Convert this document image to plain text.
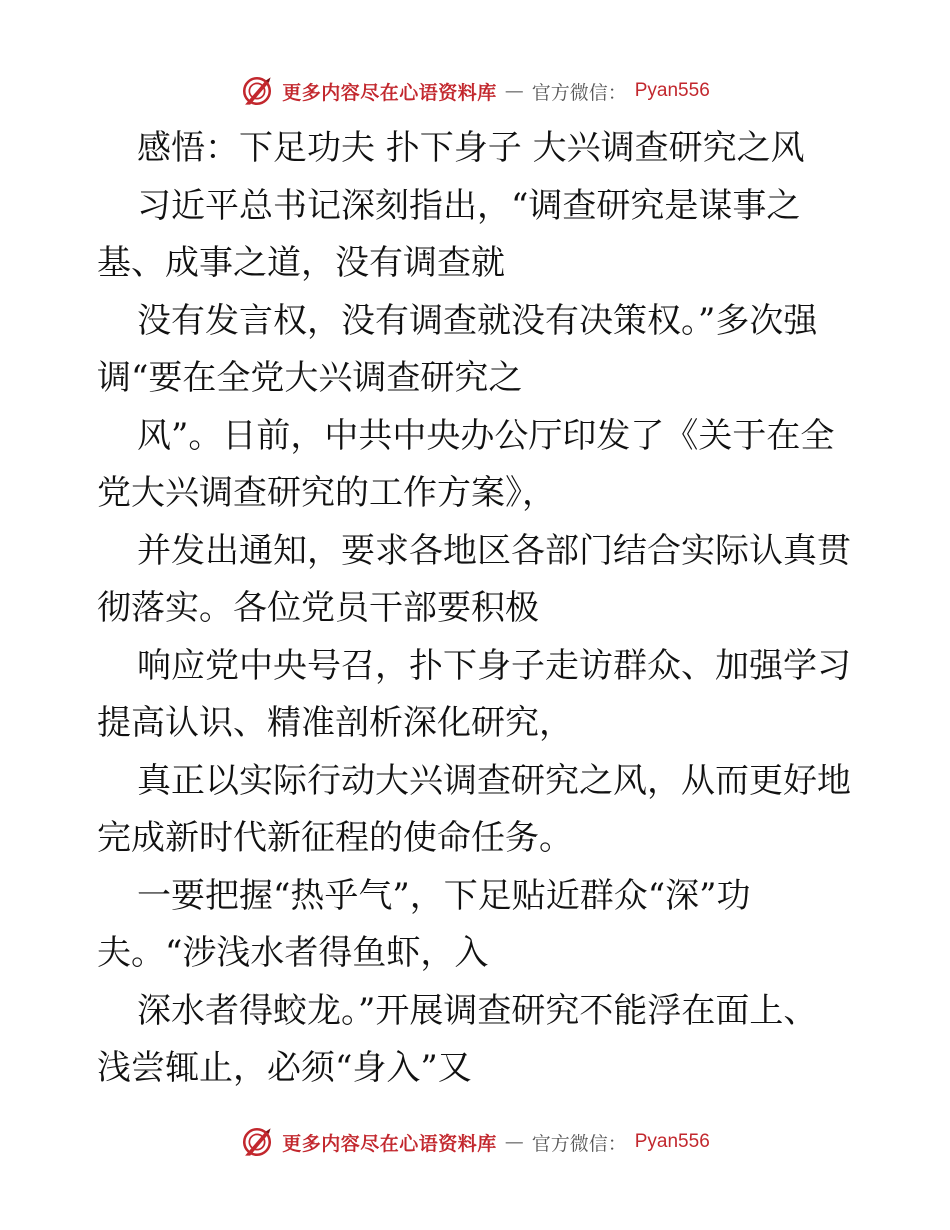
更多内容尽在心语资料库 — 官方微信： Pyan556
感悟：下足功夫 扑下身子 大兴调查研究之风
习近平总书记深刻指出，“调查研究是谋事之
基、成事之道，没有调查就
没有发言权，没有调查就没有决策权。”多次强
调“要在全党大兴调查研究之
风”。日前，中共中央办公厅印发了《关于在全
党大兴调查研究的工作方案》，
并发出通知，要求各地区各部门结合实际认真贯
彻落实。各位党员干部要积极
响应党中央号召，扑下身子走访群众、加强学习
提高认识、精准剖析深化研究，
真正以实际行动大兴调查研究之风，从而更好地
完成新时代新征程的使命任务。
一要把握“热乎气”，下足贴近群众“深”功
夫。“涉浅水者得鱼虾，入
深水者得蛟龙。”开展调查研究不能浮在面上、
浅尝辄止，必须“身入”又
更多内容尽在心语资料库 — 官方微信： Pyan556
